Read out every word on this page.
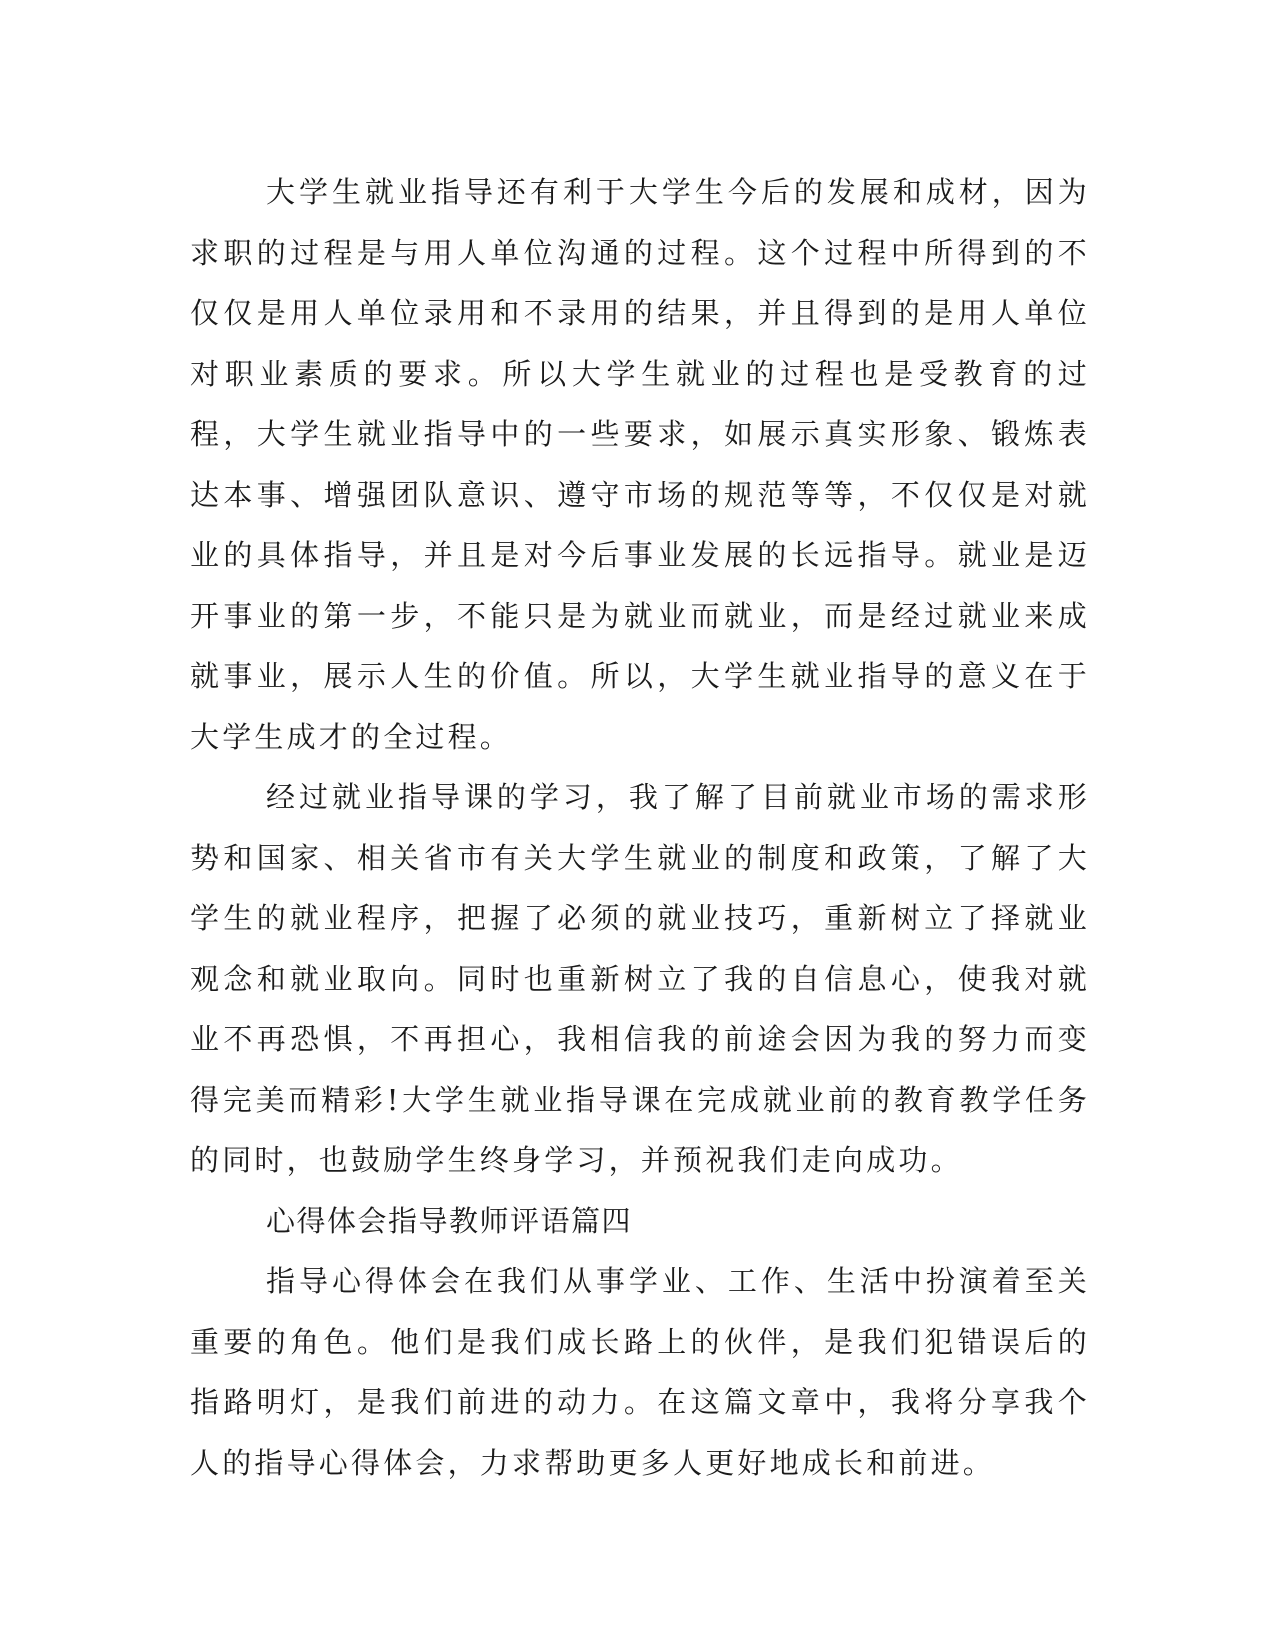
大学生就业指导还有利于大学生今后的发展和成材，因为求职的过程是与用人单位沟通的过程。这个过程中所得到的不仅仅是用人单位录用和不录用的结果，并且得到的是用人单位对职业素质的要求。所以大学生就业的过程也是受教育的过程，大学生就业指导中的一些要求，如展示真实形象、锻炼表达本事、增强团队意识、遵守市场的规范等等，不仅仅是对就业的具体指导，并且是对今后事业发展的长远指导。就业是迈开事业的第一步，不能只是为就业而就业，而是经过就业来成就事业，展示人生的价值。所以，大学生就业指导的意义在于大学生成才的全过程。

经过就业指导课的学习，我了解了目前就业市场的需求形势和国家、相关省市有关大学生就业的制度和政策，了解了大学生的就业程序，把握了必须的就业技巧，重新树立了择就业观念和就业取向。同时也重新树立了我的自信息心，使我对就业不再恐惧，不再担心，我相信我的前途会因为我的努力而变得完美而精彩!大学生就业指导课在完成就业前的教育教学任务的同时，也鼓励学生终身学习，并预祝我们走向成功。

心得体会指导教师评语篇四

指导心得体会在我们从事学业、工作、生活中扮演着至关重要的角色。他们是我们成长路上的伙伴，是我们犯错误后的指路明灯，是我们前进的动力。在这篇文章中，我将分享我个人的指导心得体会，力求帮助更多人更好地成长和前进。
